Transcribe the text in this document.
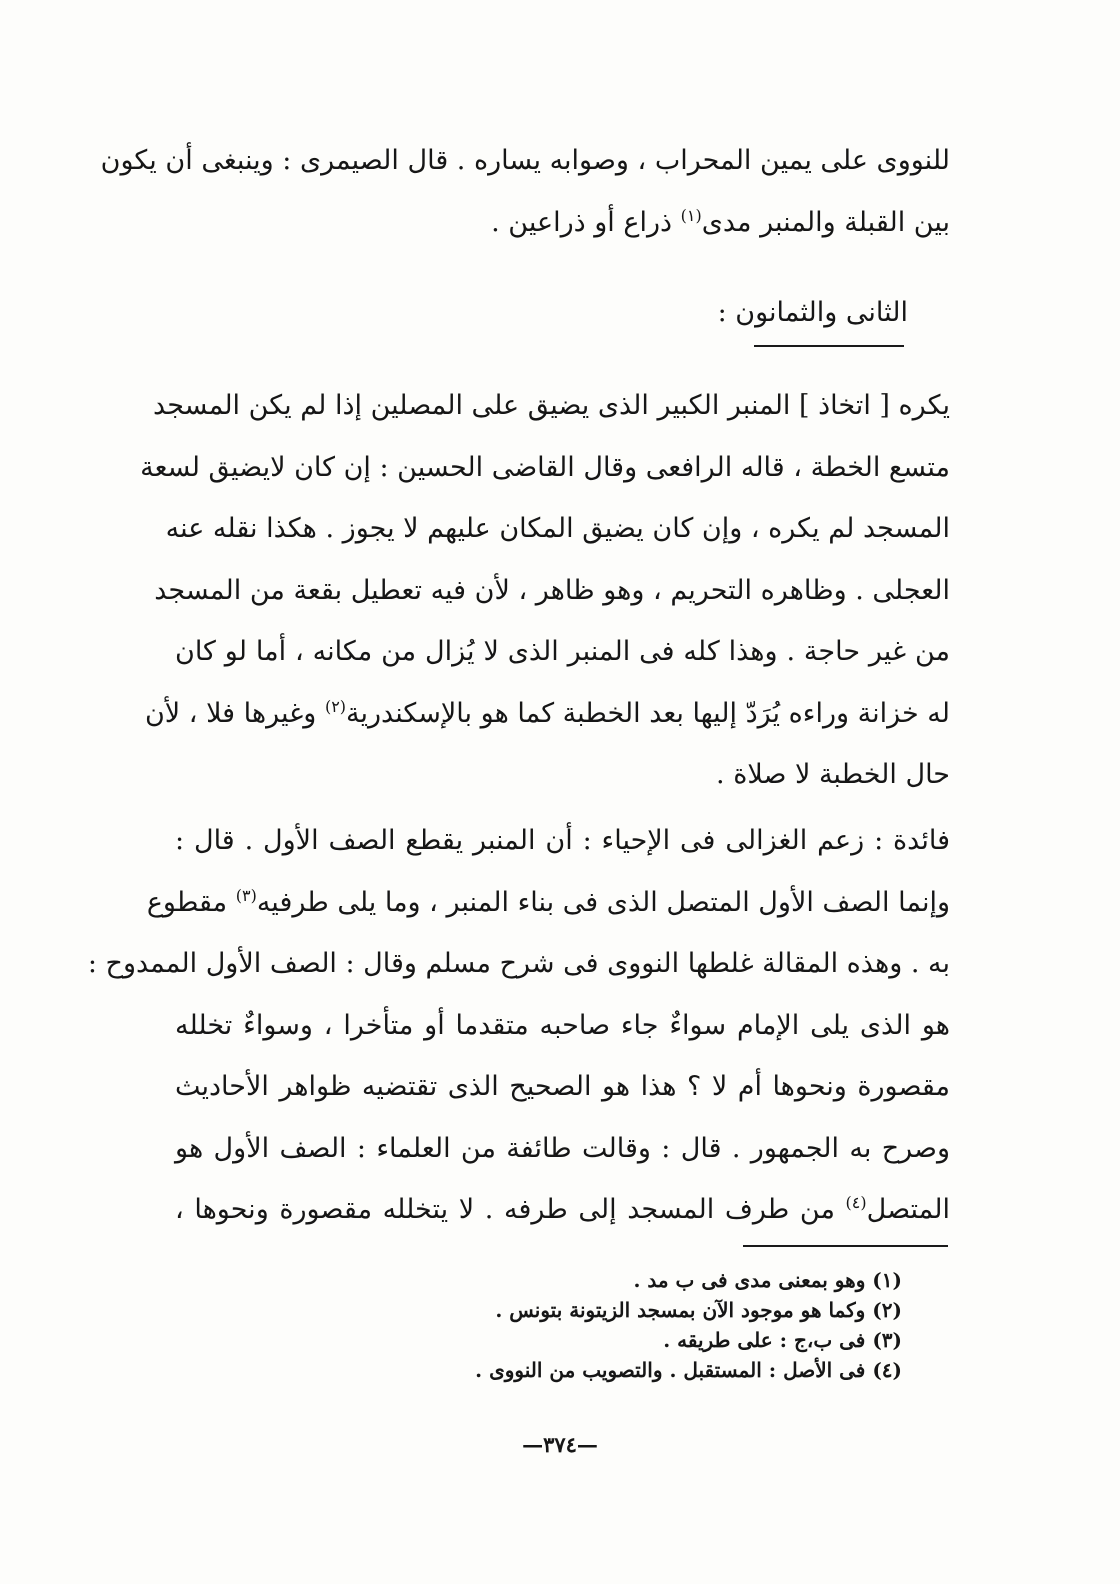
للنووى على يمين المحراب ، وصوابه يساره . قال الصيمرى : وينبغى أن يكون
بين القبلة والمنبر مدى$^{(١)}$ ذراع أو ذراعين .
الثانى والثمانون :
يكره [ اتخاذ ] المنبر الكبير الذى يضيق على المصلين إذا لم يكن المسجد
متسع الخطة ، قاله الرافعى وقال القاضى الحسين : إن كان لايضيق لسعة
المسجد لم يكره ، وإن كان يضيق المكان عليهم لا يجوز . هكذا نقله عنه
العجلى . وظاهره التحريم ، وهو ظاهر ، لأن فيه تعطيل بقعة من المسجد
من غير حاجة . وهذا كله فى المنبر الذى لا يُزال من مكانه ، أما لو كان
له خزانة وراءه يُرَدّ إليها بعد الخطبة كما هو بالإسكندرية$^{(٢)}$ وغيرها فلا ، لأن
حال الخطبة لا صلاة .
فائدة : زعم الغزالى فى الإحياء : أن المنبر يقطع الصف الأول . قال :
وإنما الصف الأول المتصل الذى فى بناء المنبر ، وما يلى طرفيه$^{(٣)}$ مقطوع
به . وهذه المقالة غلطها النووى فى شرح مسلم وقال : الصف الأول الممدوح :
هو الذى يلى الإمام سواءٌ جاء صاحبه متقدما أو متأخرا ، وسواءٌ تخلله
مقصورة ونحوها أم لا ؟ هذا هو الصحيح الذى تقتضيه ظواهر الأحاديث
وصرح به الجمهور . قال : وقالت طائفة من العلماء : الصف الأول هو
المتصل$^{(٤)}$ من طرف المسجد إلى طرفه . لا يتخلله مقصورة ونحوها ،
(١) وهو بمعنى مدى فى ب مد .
(٢) وكما هو موجود الآن بمسجد الزيتونة بتونس .
(٣) فى ب،ج : على طريقه .
(٤) فى الأصل : المستقبل . والتصويب من النووى .
—٣٧٤—
